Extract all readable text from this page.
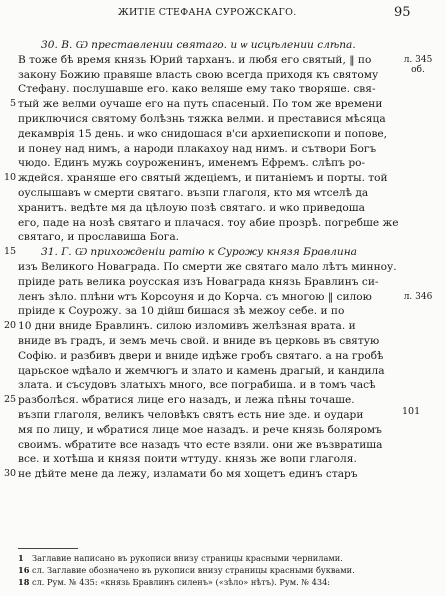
ЖИТІЕ СТЕФАНА СУРОЖСКАГО.	95
30. В. Ѡ преставлении святаго. и ѡ исцѣлении слѣпа.
В тоже бѣ время князь Юрий тарханъ. и любя его святый, ‖ по
закону Божию правяше власть свою всегда приходя къ святому
Стефану. послушавше его. како веляше ему тако творяше. свя-
5 тый же велми оучаше его на путь спасеный. По том же времени
приключися святому болѣзнь тяжка велми. и преставися мѣсяца
декамврія 15 день. и ѡко снидошася в'си архиепископи и попове,
и понеу над нимъ, а народи плакахоу над нимъ. и сътвори Богъ
чюдо. Единъ мужь соуроженинъ, именемъ Ефремъ. слѣпъ ро-
10 ждейся. храняше его святый ждеціемъ, и питанiемъ и порты. той
оуслышавъ ѡ смерти святаго. възпи глаголя, кто мя ѡтселѣ да
хранитъ. ведѣте мя да цѣлоую позѣ святаго. и ѡко приведоша
его, паде на нозѣ святаго и плачася. тоу абие прозрѣ. погребше же
святаго, и прославиша Бога.
15 31. Г. Ѡ прихожденіи ратію к Сурожу князя Бравлина
изъ Великого Новаграда. По смерти же святаго мало лѣтъ минноу.
пріиде рать велика роусская изъ Новаграда князь Бравлинъ си-
ленъ зѣло. плѣни ѡтъ Корсоуня и до Корча. съ многою ‖ силою
пріиде к Соурожу. за 10 дійш бишася зѣ межоу себе. и по
20 10 дни вниде Бравлинъ. силою изломивъ желѣзная врата. и
вниде въ градъ, и земъ мечь свой. и вниде въ церковь въ святую
Софію. и разбивъ двери и вниде идѣже гробъ святаго. а на гробѣ
царьское ѡдѣало и жемчюгъ и злато и камень драгый, и кандила
злата. и съсудовъ златыхъ много, все пограбиша. и в томъ часѣ
25 разболѣся. ѡбратися лице его назадъ, и лежа пѣны точаше.
възпи глаголя, великъ человѣкъ святъ есть ние зде. и оудари
мя по лицу, и ѡбратися лице мое назадъ. и рече князь боляромъ
своимъ. ѡбратите все назадъ что есте взяли. они же възвратиша
все. и хотѣша и князя поити ѡттуду. князь же вопи глаголя.
30 не дѣйте мене да лежу, изламати бо мя хощетъ единъ старъ
101
1 Заглавие написано въ рукописи внизу страницы красными чернилами.
16 сл. Заглавие обозначено въ рукописи внизу страницы красными буквами.
18 сл. Рум. № 435: «князь Бравлинъ силенъ» («зѣло» нѣтъ). Рум. № 434:
л. 345 об.
л. 346
